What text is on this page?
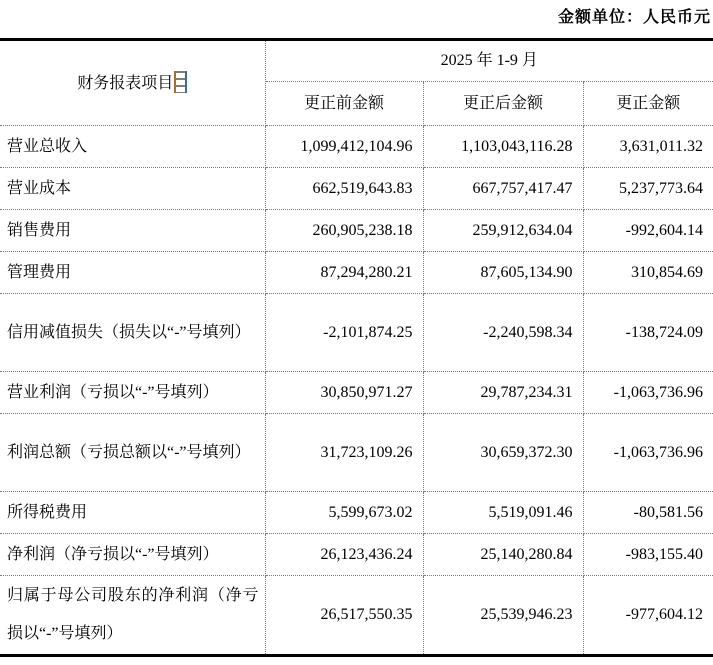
金额单位：人民币元
财务报表项目	2025 年 1-9 月		
	更正前金额	更正后金额	更正金额
营业总收入	1,099,412,104.96	1,103,043,116.28	3,631,011.32
营业成本	662,519,643.83	667,757,417.47	5,237,773.64
销售费用	260,905,238.18	259,912,634.04	-992,604.14
管理费用	87,294,280.21	87,605,134.90	310,854.69
信用减值损失（损失以“-”号填列）	-2,101,874.25	-2,240,598.34	-138,724.09
营业利润（亏损以“-”号填列）	30,850,971.27	29,787,234.31	-1,063,736.96
利润总额（亏损总额以“-”号填列）	31,723,109.26	30,659,372.30	-1,063,736.96
所得税费用	5,599,673.02	5,519,091.46	-80,581.56
净利润（净亏损以“-”号填列）	26,123,436.24	25,140,280.84	-983,155.40
归属于母公司股东的净利润（净亏损以“-”号填列）	26,517,550.35	25,539,946.23	-977,604.12
